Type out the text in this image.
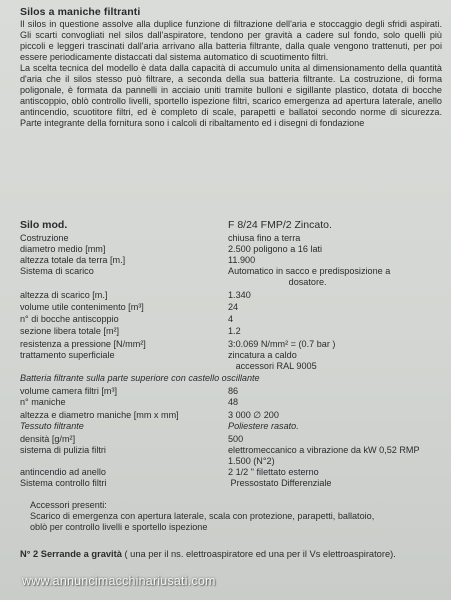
Silos a maniche filtranti

Il silos in questione assolve alla duplice funzione di filtrazione dell'aria e stoccaggio degli sfridi aspirati. Gli scarti convogliati nel silos dall'aspiratore, tendono per gravità a cadere sul fondo, solo quelli più piccoli e leggeri trascinati dall'aria arrivano alla batteria filtrante, dalla quale vengono trattenuti, per poi essere periodicamente distaccati dal sistema automatico di scuotimento filtri.

La scelta tecnica del modello è data dalla capacità di accumulo unita al dimensionamento della quantità d'aria che il silos stesso può filtrare, a seconda della sua batteria filtrante. La costruzione, di forma poligonale, è formata da pannelli in acciaio uniti tramite bulloni e sigillante plastico, dotata di bocche antiscoppio, oblò controllo livelli, sportello ispezione filtri, scarico emergenza ad apertura laterale, anello antincendio, scuotitore filtri, ed è completo di scale, parapetti e ballatoi secondo norme di sicurezza. Parte integrante della fornitura sono i calcoli di ribaltamento ed i disegni di fondazione

Silo mod.	F 8/24 FMP/2 Zincato.
Costruzione	chiusa fino a terra
diametro medio [mm]	2.500 poligono a 16 lati
altezza totale da terra [m.]	11.900
Sistema di scarico	Automatico in sacco e predisposizione a
dosatore.
altezza di scarico [m.]	1.340
volume utile contenimento [m³]	24
n° di bocche antiscoppio	4
sezione libera totale [m²]	1.2
resistenza a pressione [N/mm²]	3:0.069 N/mm² = (0.7 bar )
trattamento superficiale	zincatura a caldo
accessori RAL 9005
Batteria filtrante sulla parte superiore con castello oscillante
volume camera filtri [m³]	86
n° maniche	48
altezza e diametro maniche [mm x mm]	3 000 ∅ 200
Tessuto filtrante	Poliestere rasato.
densità [g/m²]	500
sistema di pulizia filtri	elettromeccanico a vibrazione da kW 0,52 RMP
1.500 (N°2)
antincendio ad anello	2 1/2 " filettato esterno
Sistema controllo filtri	Pressostato Differenziale
Accessori presenti:
Scarico di emergenza con apertura laterale, scala con protezione, parapetti, ballatoio,
oblò per controllo livelli e sportello ispezione
N° 2 Serrande a gravità ( una per il ns. elettroaspiratore ed una per il Vs elettroaspiratore).
www.annuncimacchinariusati.com
